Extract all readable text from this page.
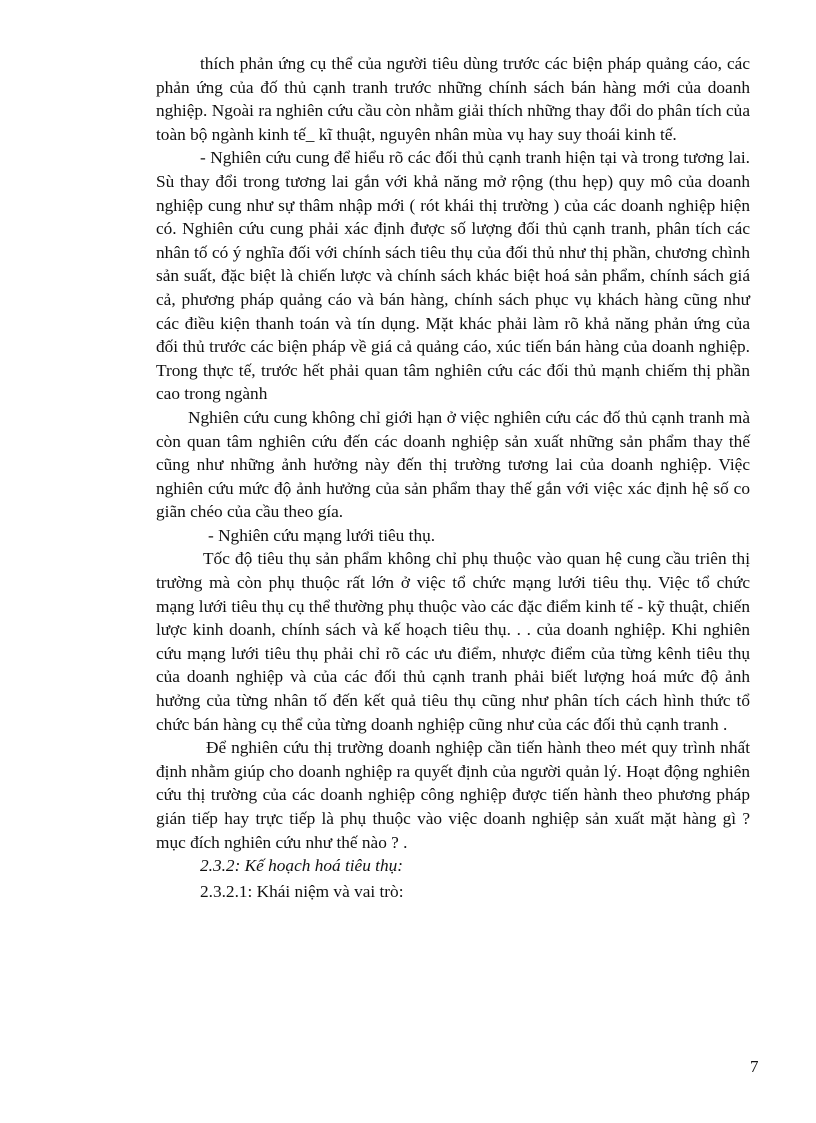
thích phản ứng cụ thể của người tiêu dùng trước các biện pháp quảng cáo, các phản ứng của đố thủ cạnh tranh trước những chính sách bán hàng mới của doanh nghiệp. Ngoài ra nghiên cứu cầu còn nhằm giải thích những thay đổi do phân tích của toàn bộ ngành kinh tế_ kĩ thuật, nguyên nhân mùa vụ hay suy thoái kinh tế.

- Nghiên cứu cung để hiểu rõ các đối thủ cạnh tranh hiện tại và trong tương lai. Sù thay đổi trong tương lai gắn với khả năng mở rộng (thu hẹp) quy mô của doanh nghiệp cung như sự thâm nhập mới ( rót khái thị trường ) của các doanh nghiệp hiện có. Nghiên cứu cung phải xác định được số lượng đối thủ cạnh tranh, phân tích các nhân tố có ý nghĩa đối với chính sách tiêu thụ của đối thủ như thị phần, chương chình sản suất, đặc biệt là chiến lược và chính sách khác biệt hoá sản phẩm, chính sách giá cả, phương pháp quảng cáo và bán hàng, chính sách phục vụ khách hàng cũng như các điều kiện thanh toán và tín dụng. Mặt khác phải làm rõ khả năng phản ứng của đối thủ trước các biện pháp về giá cả quảng cáo, xúc tiến bán hàng của doanh nghiệp. Trong thực tế, trước hết phải quan tâm nghiên cứu các đối thủ mạnh chiếm thị phần cao trong ngành

Nghiên cứu cung không chỉ giới hạn ở việc nghiên cứu các đố thủ cạnh tranh mà còn quan tâm nghiên cứu đến các doanh nghiệp sản xuất những sản phẩm thay thế cũng như những ảnh hưởng này đến thị trường tương lai của doanh nghiệp. Việc nghiên cứu mức độ ảnh hưởng của sản phẩm thay thế gắn với việc xác định hệ số co giãn chéo của cầu theo gía.

- Nghiên cứu mạng lưới tiêu thụ.

Tốc độ tiêu thụ sản phẩm không chỉ phụ thuộc vào quan hệ cung cầu triên thị trường mà còn phụ thuộc rất lớn ở việc tổ chức mạng lưới tiêu thụ. Việc tổ chức mạng lưới tiêu thụ cụ thể thường phụ thuộc vào các đặc điểm kinh tế - kỹ thuật, chiến lược kinh doanh, chính sách và kế hoạch tiêu thụ. . . của doanh nghiệp. Khi nghiên cứu mạng lưới tiêu thụ phải chỉ rõ các ưu điểm, nhược điểm của từng kênh tiêu thụ của doanh nghiệp và của các đối thủ cạnh tranh phải biết lượng hoá mức độ ảnh hưởng của từng nhân tố đến kết quả tiêu thụ cũng như phân tích cách hình thức tổ chức bán hàng cụ thể của từng doanh nghiệp cũng như của các đối thủ cạnh tranh .

Để nghiên cứu thị trường doanh nghiệp cần tiến hành theo mét quy trình nhất định nhằm giúp cho doanh nghiệp ra quyết định của người quản lý. Hoạt động nghiên cứu thị trường của các doanh nghiệp công nghiệp được tiến hành theo phương pháp gián tiếp hay trực tiếp là phụ thuộc vào việc doanh nghiệp sản xuất mặt hàng gì ? mục đích nghiên cứu như thế nào ? .

2.3.2: Kế hoạch hoá tiêu thụ:

2.3.2.1: Khái niệm và vai trò:

7
